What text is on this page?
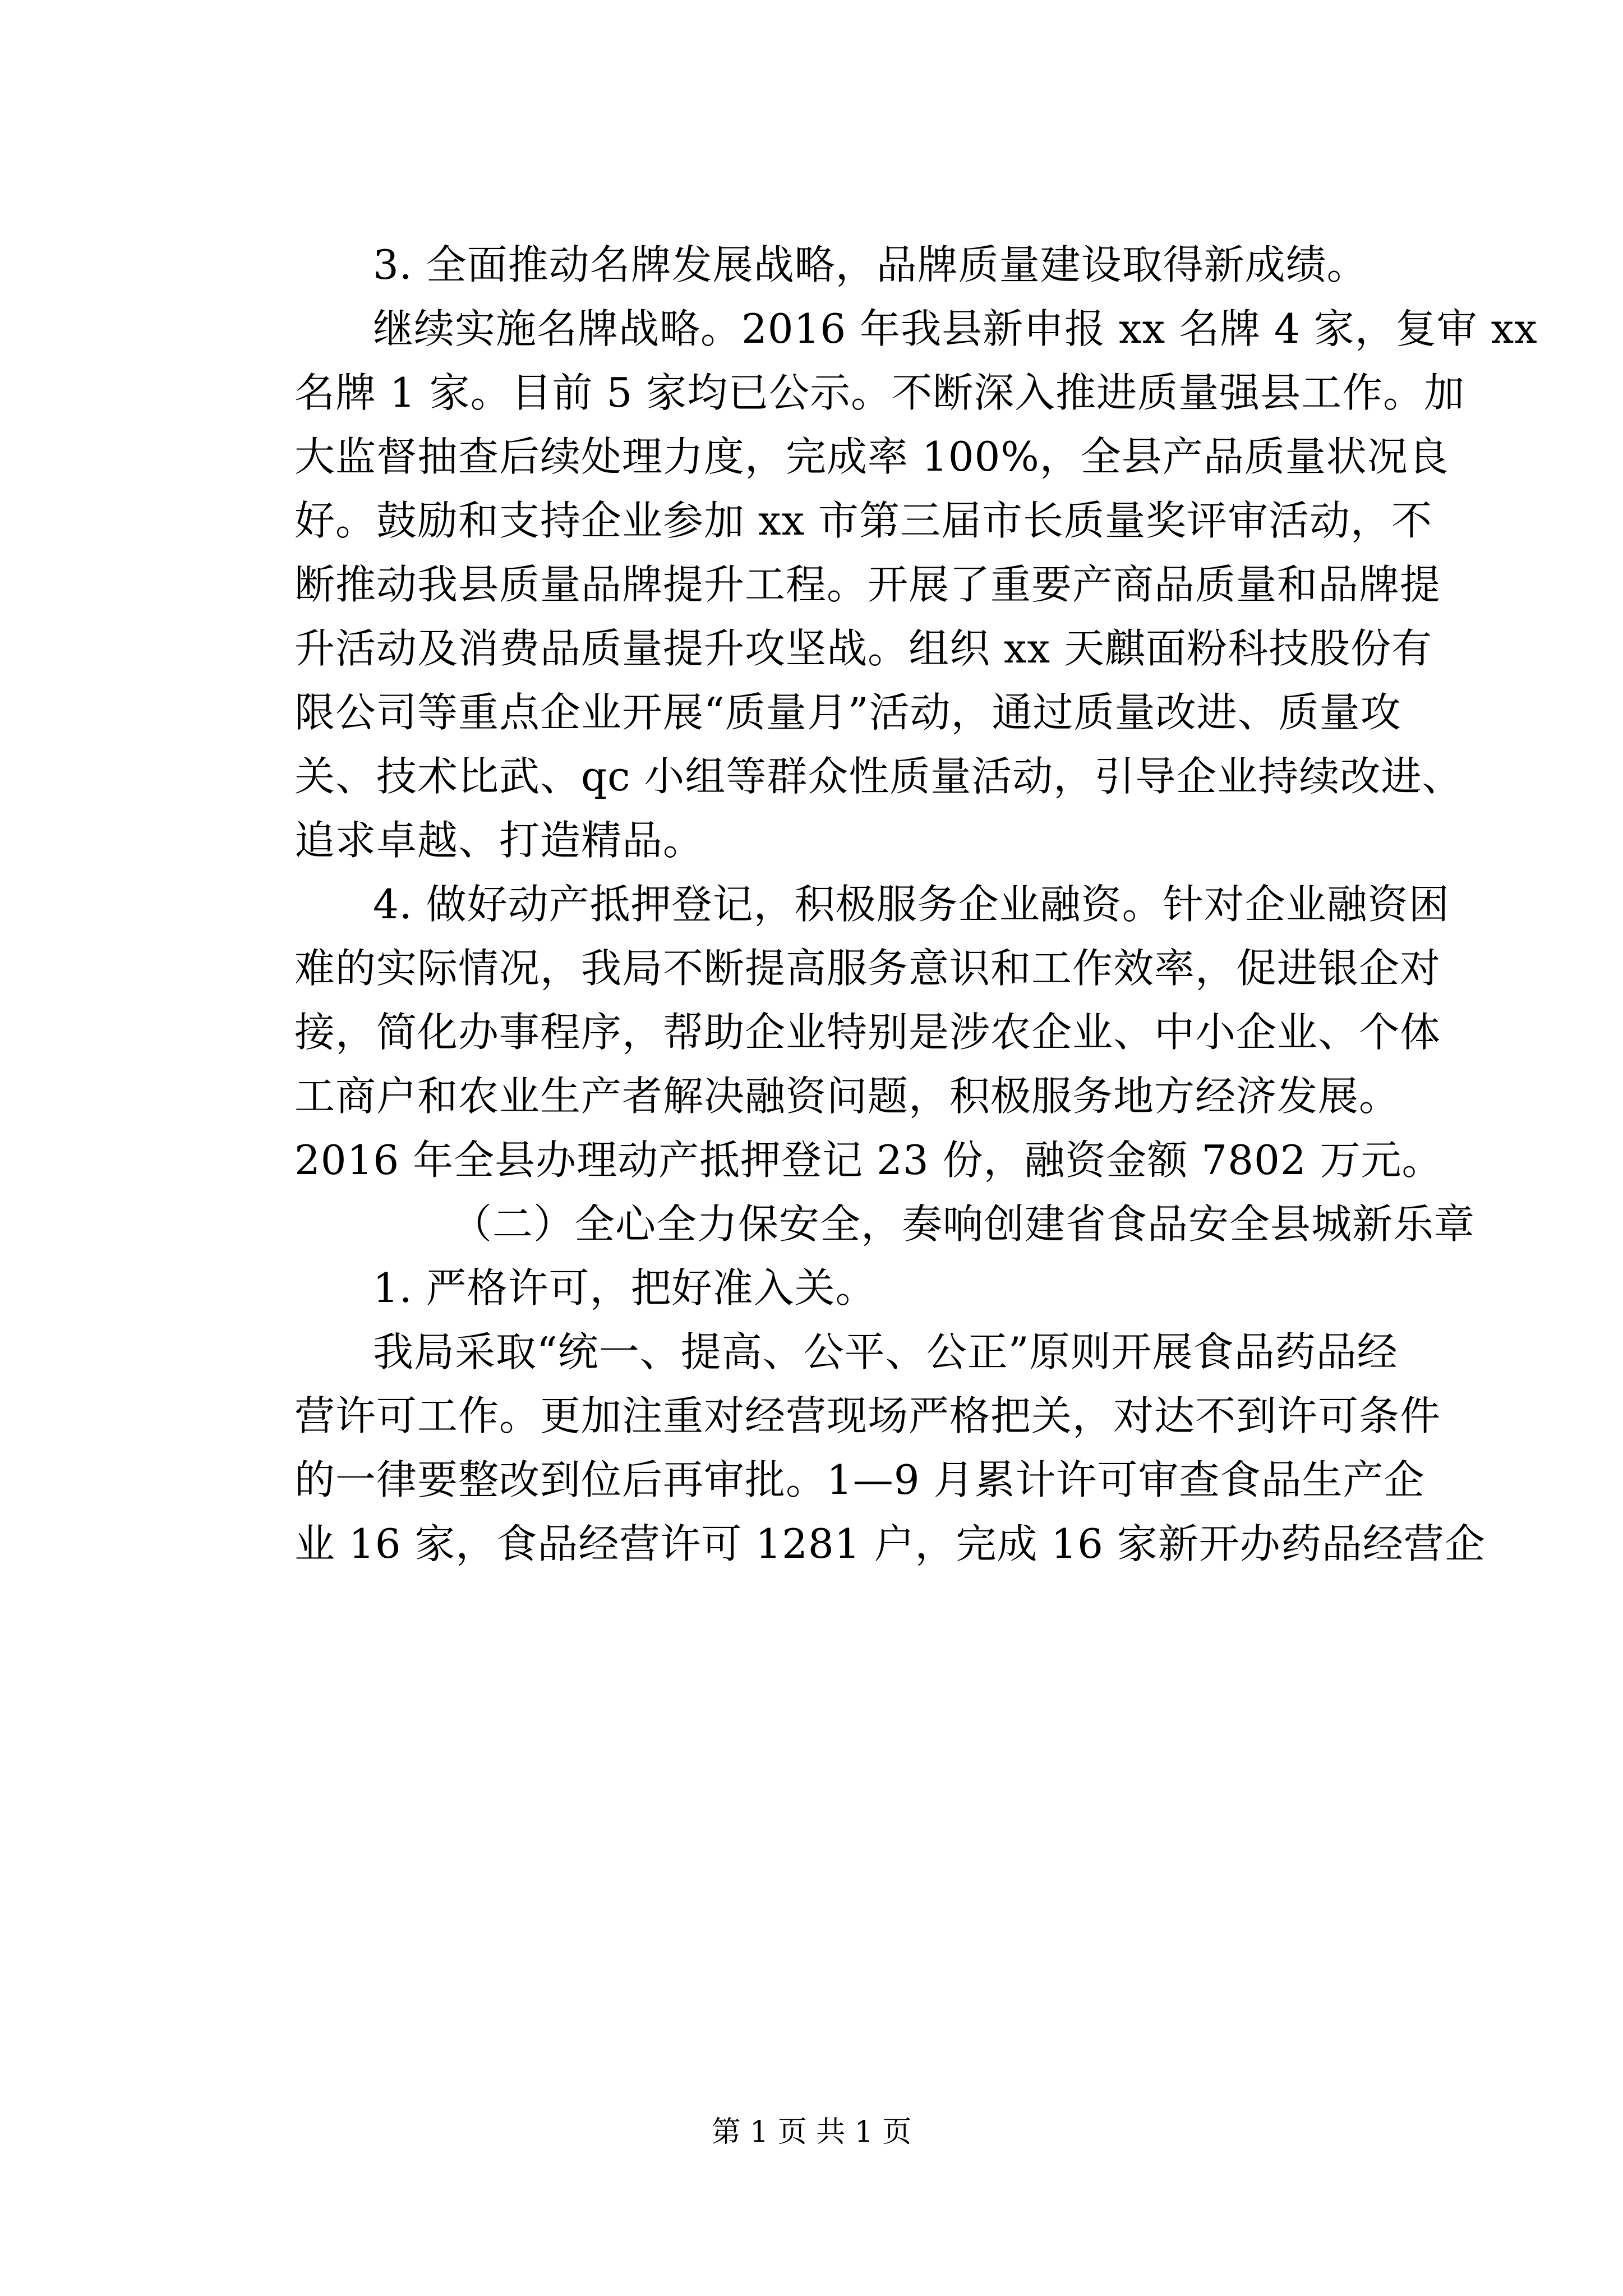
3. 全面推动名牌发展战略，品牌质量建设取得新成绩。
继续实施名牌战略。2016 年我县新申报 xx 名牌 4 家，复审 xx
名牌 1 家。目前 5 家均已公示。不断深入推进质量强县工作。加
大监督抽查后续处理力度，完成率 100%，全县产品质量状况良
好。鼓励和支持企业参加 xx 市第三届市长质量奖评审活动，不
断推动我县质量品牌提升工程。开展了重要产商品质量和品牌提
升活动及消费品质量提升攻坚战。组织 xx 天麒面粉科技股份有
限公司等重点企业开展“质量月”活动，通过质量改进、质量攻
关、技术比武、qc 小组等群众性质量活动，引导企业持续改进、
追求卓越、打造精品。
4. 做好动产抵押登记，积极服务企业融资。针对企业融资困
难的实际情况，我局不断提高服务意识和工作效率，促进银企对
接，简化办事程序，帮助企业特别是涉农企业、中小企业、个体
工商户和农业生产者解决融资问题，积极服务地方经济发展。
2016 年全县办理动产抵押登记 23 份，融资金额 7802 万元。
（二）全心全力保安全，奏响创建省食品安全县城新乐章
1. 严格许可，把好准入关。
我局采取“统一、提高、公平、公正”原则开展食品药品经
营许可工作。更加注重对经营现场严格把关，对达不到许可条件
的一律要整改到位后再审批。1—9 月累计许可审查食品生产企
业 16 家，食品经营许可 1281 户，完成 16 家新开办药品经营企
第 1 页 共 1 页
